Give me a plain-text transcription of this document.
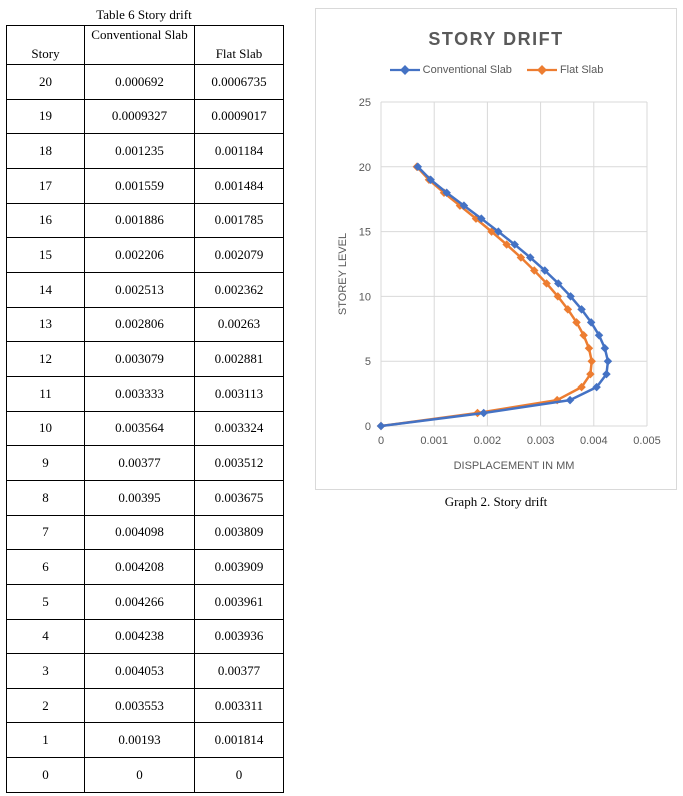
Table 6 Story drift
Story	Conventional Slab	Flat Slab
20	0.000692	0.0006735
19	0.0009327	0.0009017
18	0.001235	0.001184
17	0.001559	0.001484
16	0.001886	0.001785
15	0.002206	0.002079
14	0.002513	0.002362
13	0.002806	0.00263
12	0.003079	0.002881
11	0.003333	0.003113
10	0.003564	0.003324
9	0.00377	0.003512
8	0.00395	0.003675
7	0.004098	0.003809
6	0.004208	0.003909
5	0.004266	0.003961
4	0.004238	0.003936
3	0.004053	0.00377
2	0.003553	0.003311
1	0.00193	0.001814
0	0	0
STORY DRIFT
Conventional Slab	Flat Slab
0	0.001 0.002 0.003 0.004 0.005
0
5
10
15
20
25
DISPLACEMENT IN MM
STOREY LEVEL
Graph 2. Story drift
